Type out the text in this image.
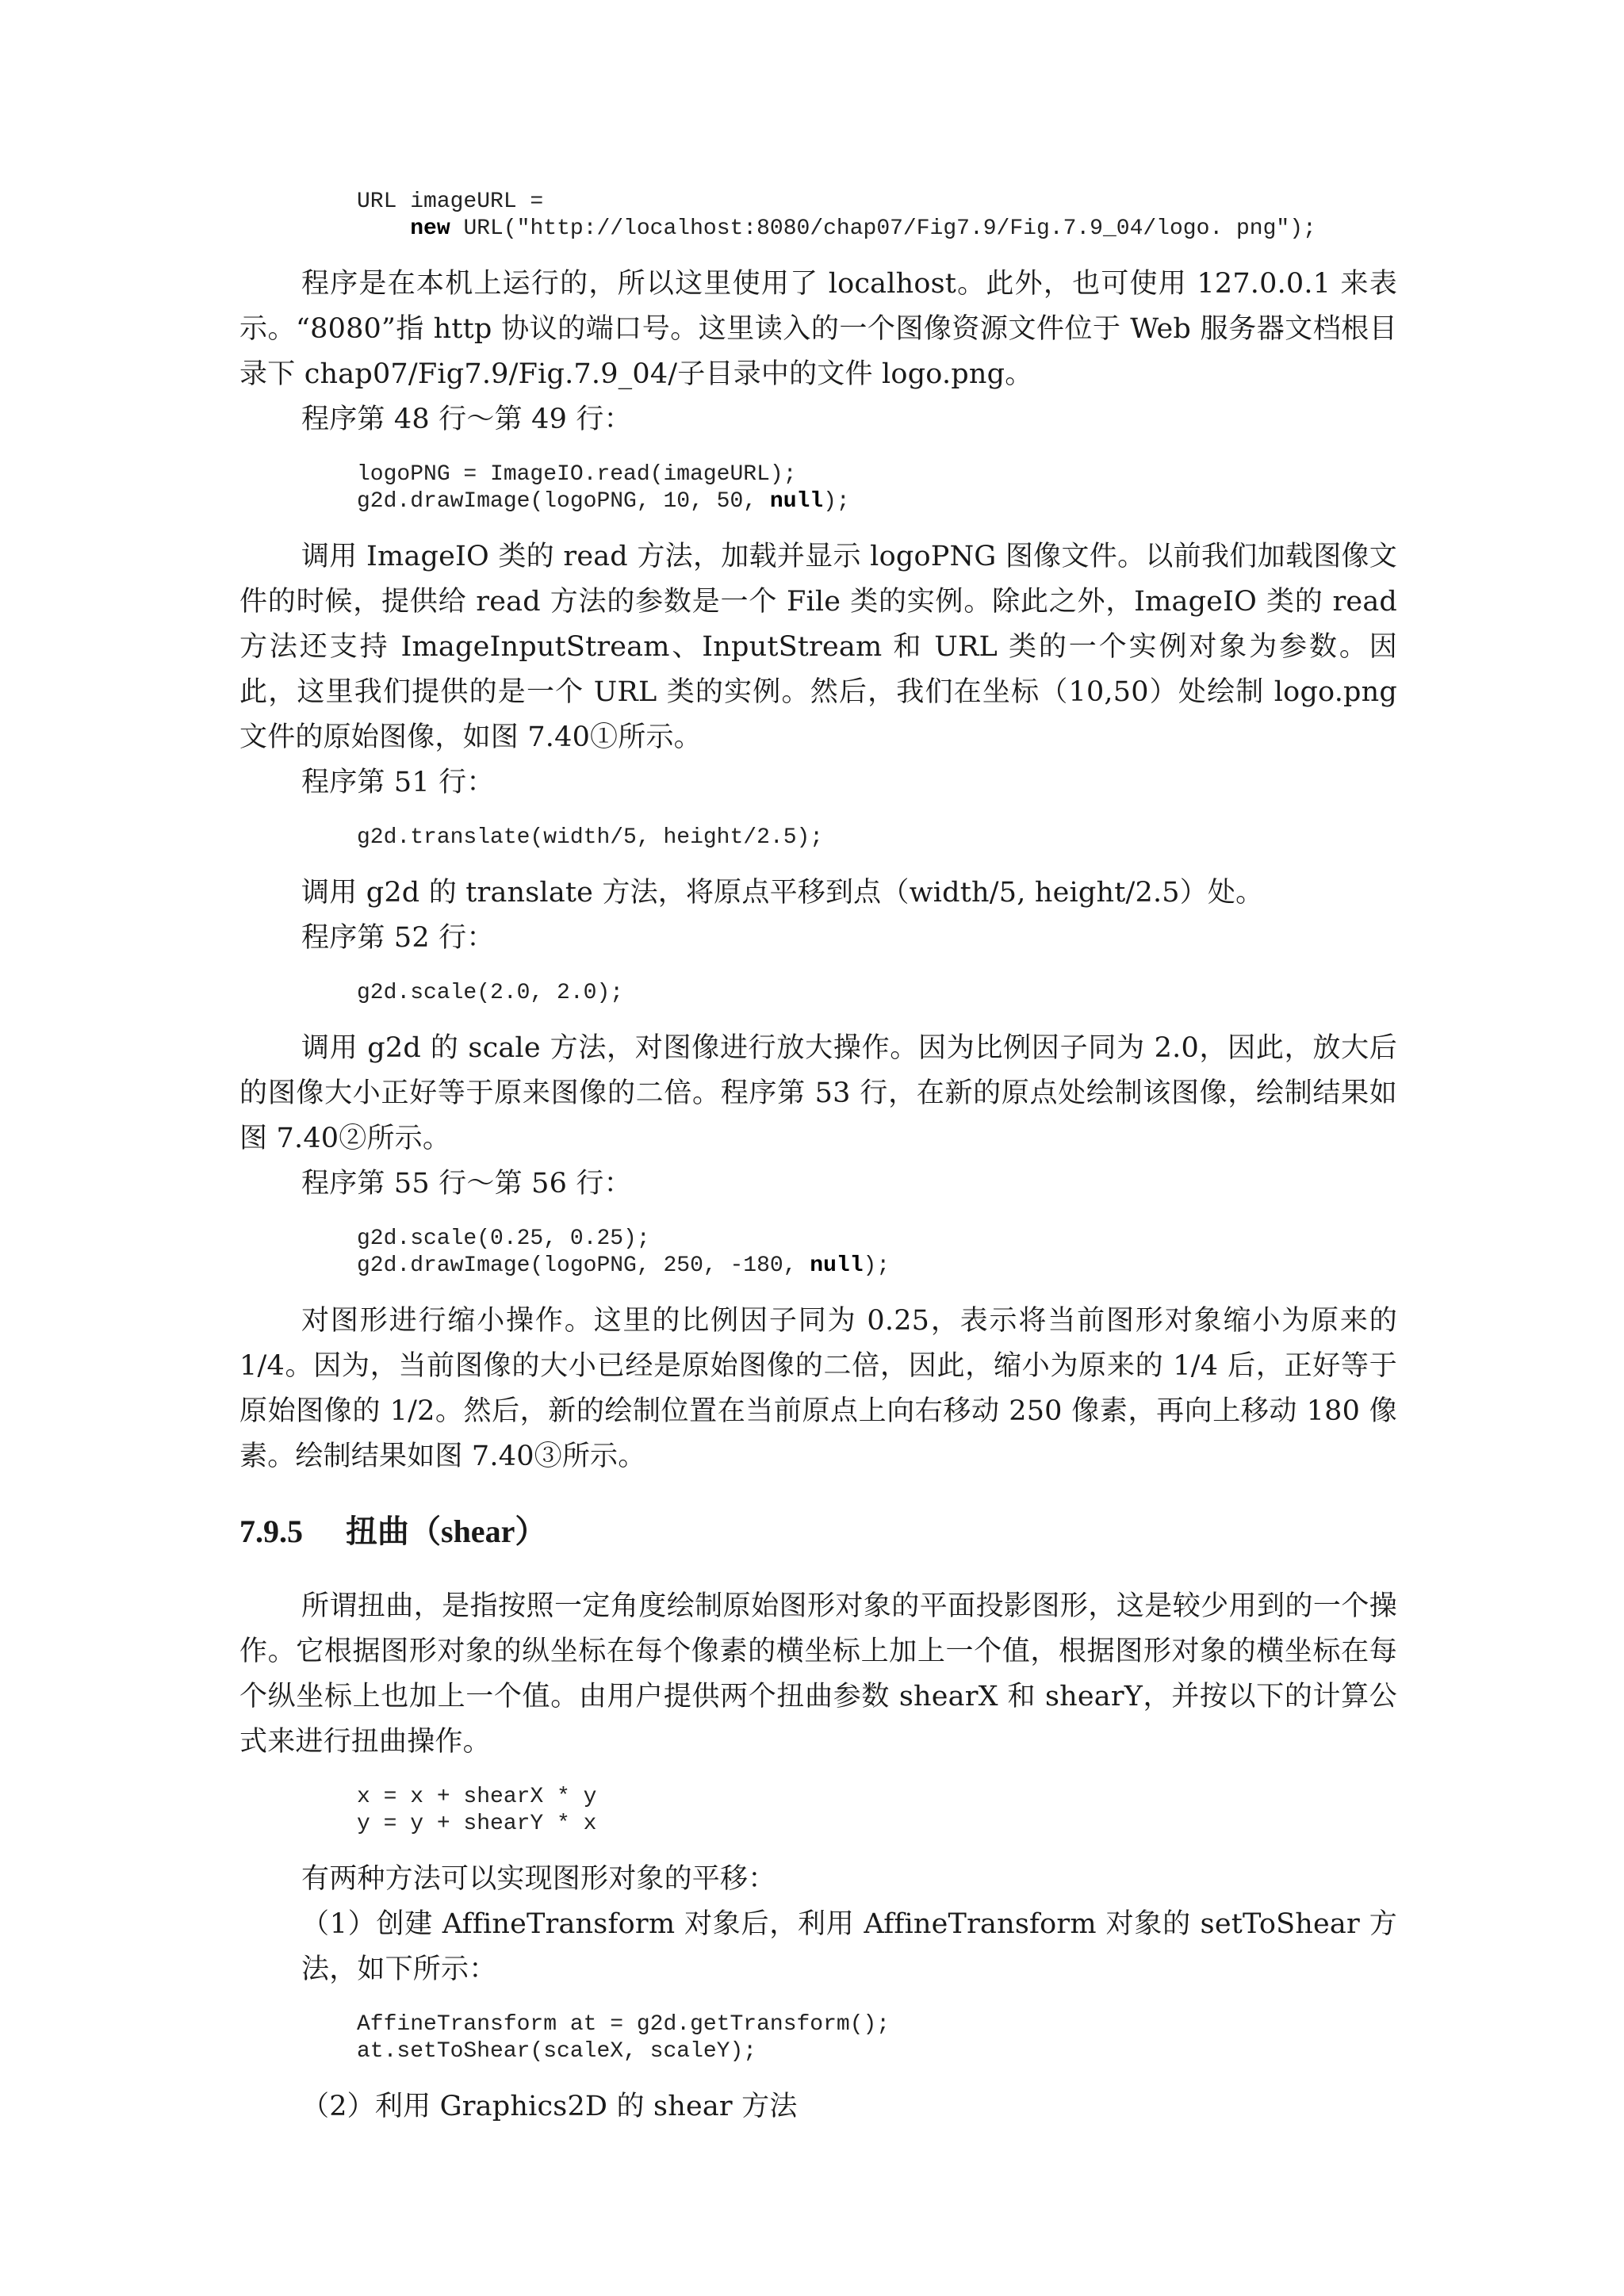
URL imageURL =
new URL("http://localhost:8080/chap07/Fig7.9/Fig.7.9_04/logo. png");

程序是在本机上运行的，所以这里使用了 localhost。此外，也可使用 127.0.0.1 来表示。“8080”指 http 协议的端口号。这里读入的一个图像资源文件位于 Web 服务器文档根目录下 chap07/Fig7.9/Fig.7.9_04/子目录中的文件 logo.png。

程序第 48 行～第 49 行：

logoPNG = ImageIO.read(imageURL);
g2d.drawImage(logoPNG, 10, 50, null);

调用 ImageIO 类的 read 方法，加载并显示 logoPNG 图像文件。以前我们加载图像文件的时候，提供给 read 方法的参数是一个 File 类的实例。除此之外，ImageIO 类的 read 方法还支持 ImageInputStream、InputStream 和 URL 类的一个实例对象为参数。因此，这里我们提供的是一个 URL 类的实例。然后，我们在坐标（10,50）处绘制 logo.png 文件的原始图像，如图 7.40①所示。

程序第 51 行：

g2d.translate(width/5, height/2.5);

调用 g2d 的 translate 方法，将原点平移到点（width/5, height/2.5）处。

程序第 52 行：

g2d.scale(2.0, 2.0);

调用 g2d 的 scale 方法，对图像进行放大操作。因为比例因子同为 2.0，因此，放大后的图像大小正好等于原来图像的二倍。程序第 53 行，在新的原点处绘制该图像，绘制结果如图 7.40②所示。

程序第 55 行～第 56 行：

g2d.scale(0.25, 0.25);
g2d.drawImage(logoPNG, 250, -180, null);

对图形进行缩小操作。这里的比例因子同为 0.25，表示将当前图形对象缩小为原来的 1/4。因为，当前图像的大小已经是原始图像的二倍，因此，缩小为原来的 1/4 后，正好等于原始图像的 1/2。然后，新的绘制位置在当前原点上向右移动 250 像素，再向上移动 180 像素。绘制结果如图 7.40③所示。

7.9.5 扭曲（shear）

所谓扭曲，是指按照一定角度绘制原始图形对象的平面投影图形，这是较少用到的一个操作。它根据图形对象的纵坐标在每个像素的横坐标上加上一个值，根据图形对象的横坐标在每个纵坐标上也加上一个值。由用户提供两个扭曲参数 shearX 和 shearY，并按以下的计算公式来进行扭曲操作。

x = x + shearX * y
y = y + shearY * x

有两种方法可以实现图形对象的平移：

（1）创建 AffineTransform 对象后，利用 AffineTransform 对象的 setToShear 方法，如下所示：

AffineTransform at = g2d.getTransform();
at.setToShear(scaleX, scaleY);

（2）利用 Graphics2D 的 shear 方法
